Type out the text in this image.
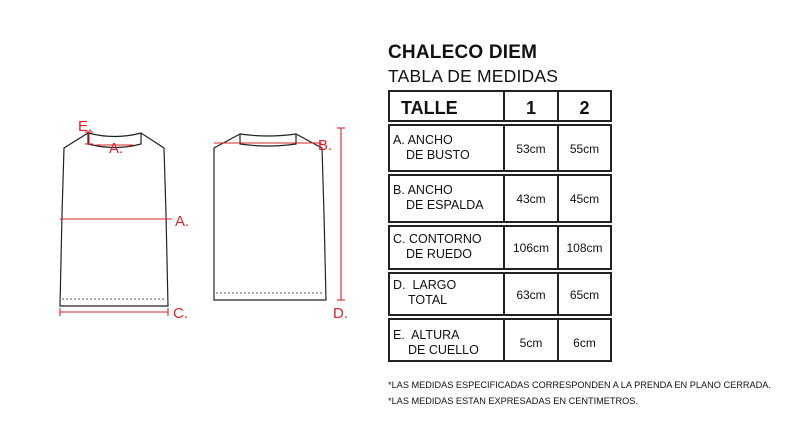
E.
A.
A.
B.
C.	D.
CHALECO DIEM
TABLA DE MEDIDAS
TALLE	1	2
A. ANCHO
DE BUSTO	53cm	55cm
B. ANCHO
DE ESPALDA	43cm	45cm
C. CONTORNO
DE RUEDO	106cm	108cm
D.  LARGO
TOTAL	63cm	65cm
E.  ALTURA
DE CUELLO	5cm	6cm
*LAS MEDIDAS ESPECIFICADAS CORRESPONDEN A LA PRENDA EN PLANO CERRADA.
*LAS MEDIDAS ESTAN EXPRESADAS EN CENTIMETROS.
